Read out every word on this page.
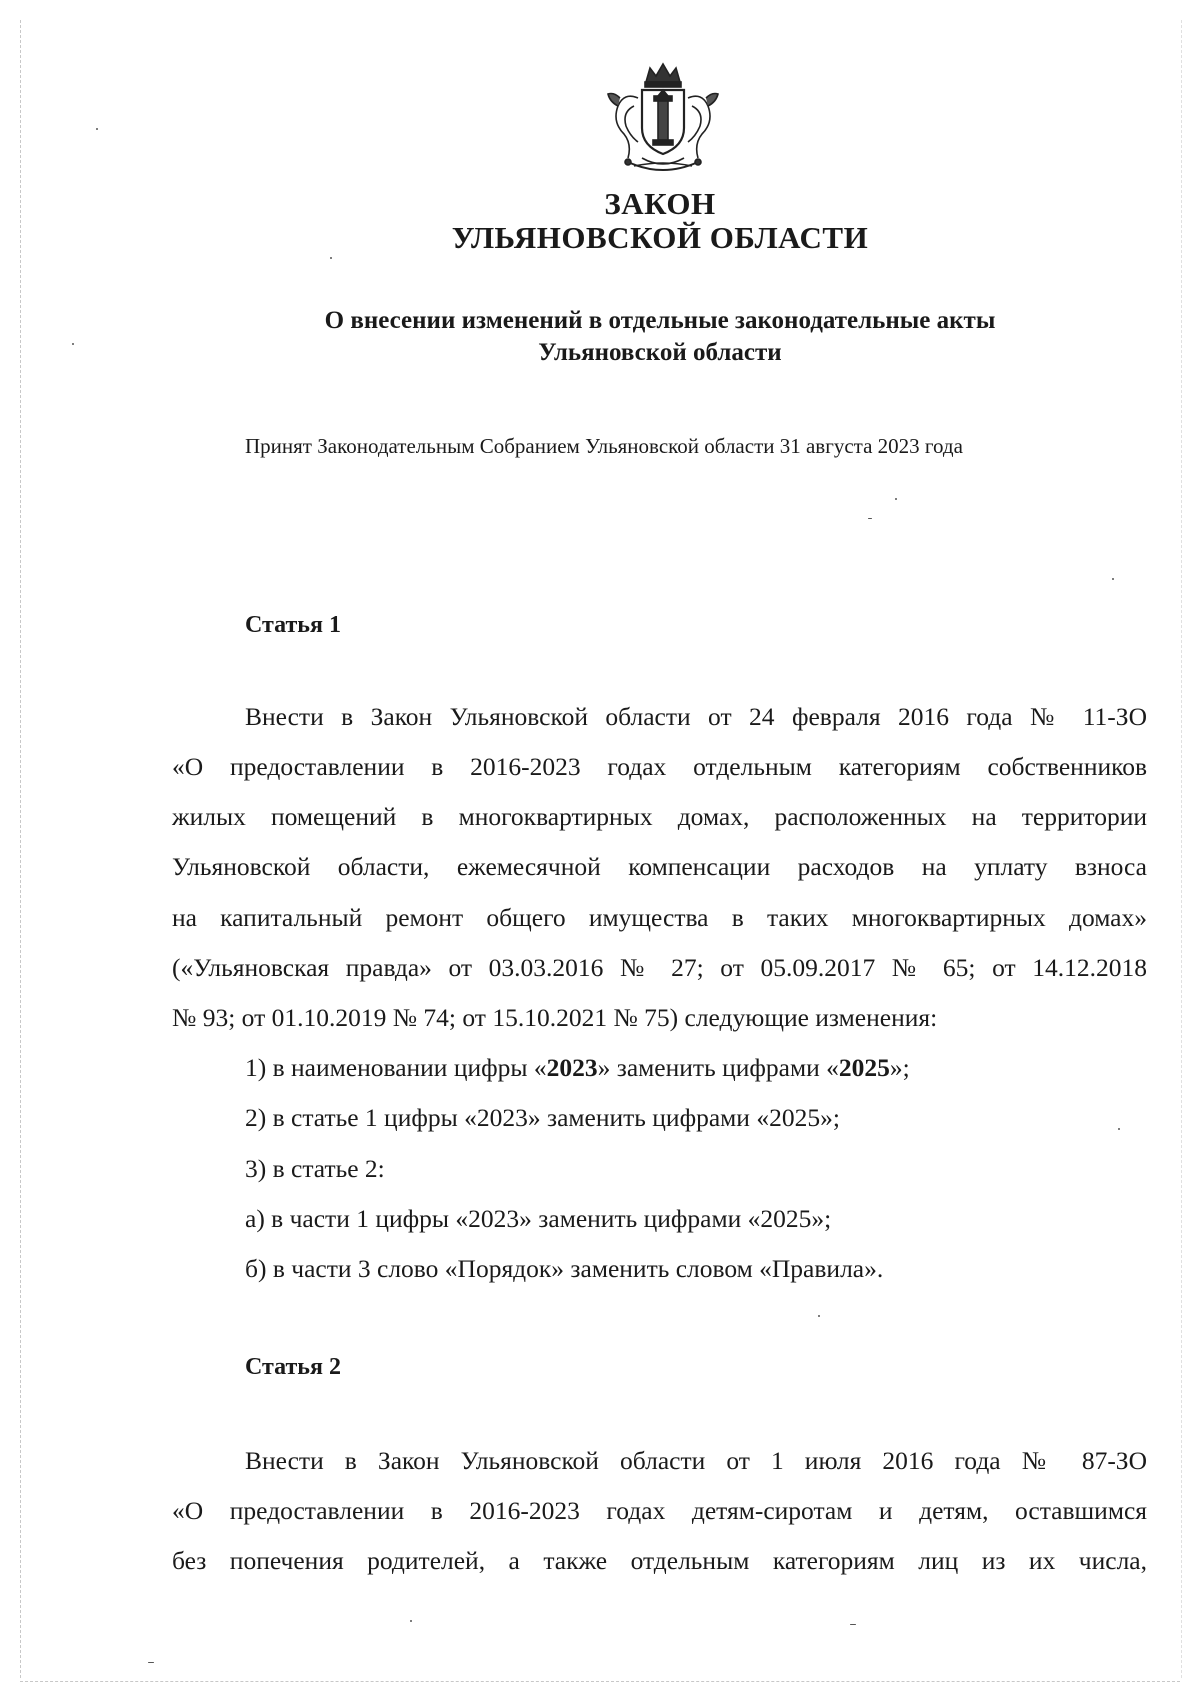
ЗАКОН
УЛЬЯНОВСКОЙ ОБЛАСТИ
О внесении изменений в отдельные законодательные акты
Ульяновской области
Принят Законодательным Собранием Ульяновской области 31 августа 2023 года
Статья 1
Внести в Закон Ульяновской области от 24 февраля 2016 года № 11-ЗО
«О предоставлении в 2016-2023 годах отдельным категориям собственников
жилых помещений в многоквартирных домах, расположенных на территории
Ульяновской области, ежемесячной компенсации расходов на уплату взноса
на капитальный ремонт общего имущества в таких многоквартирных домах»
(«Ульяновская правда» от 03.03.2016 № 27; от 05.09.2017 № 65; от 14.12.2018
№ 93; от 01.10.2019 № 74; от 15.10.2021 № 75) следующие изменения:
1) в наименовании цифры «2023» заменить цифрами «2025»;
2) в статье 1 цифры «2023» заменить цифрами «2025»;
3) в статье 2:
а) в части 1 цифры «2023» заменить цифрами «2025»;
б) в части 3 слово «Порядок» заменить словом «Правила».
Статья 2
Внести в Закон Ульяновской области от 1 июля 2016 года № 87-ЗО
«О предоставлении в 2016-2023 годах детям-сиротам и детям, оставшимся
без попечения родителей, а также отдельным категориям лиц из их числа,
